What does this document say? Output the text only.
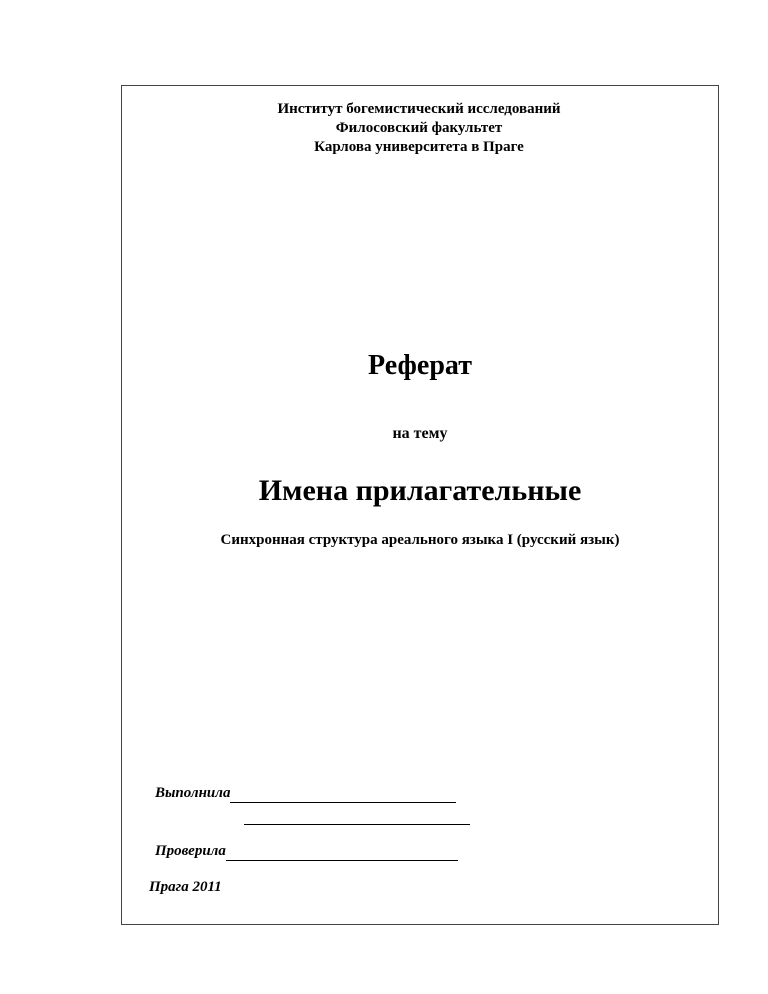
Институт богемистический исследований
Филосовский факультет
Карлова университета в Праге
Реферат
на тему
Имена прилагательные
Синхронная структура ареального языка I (русский язык)
Выполнила
Проверила
Прага 2011
